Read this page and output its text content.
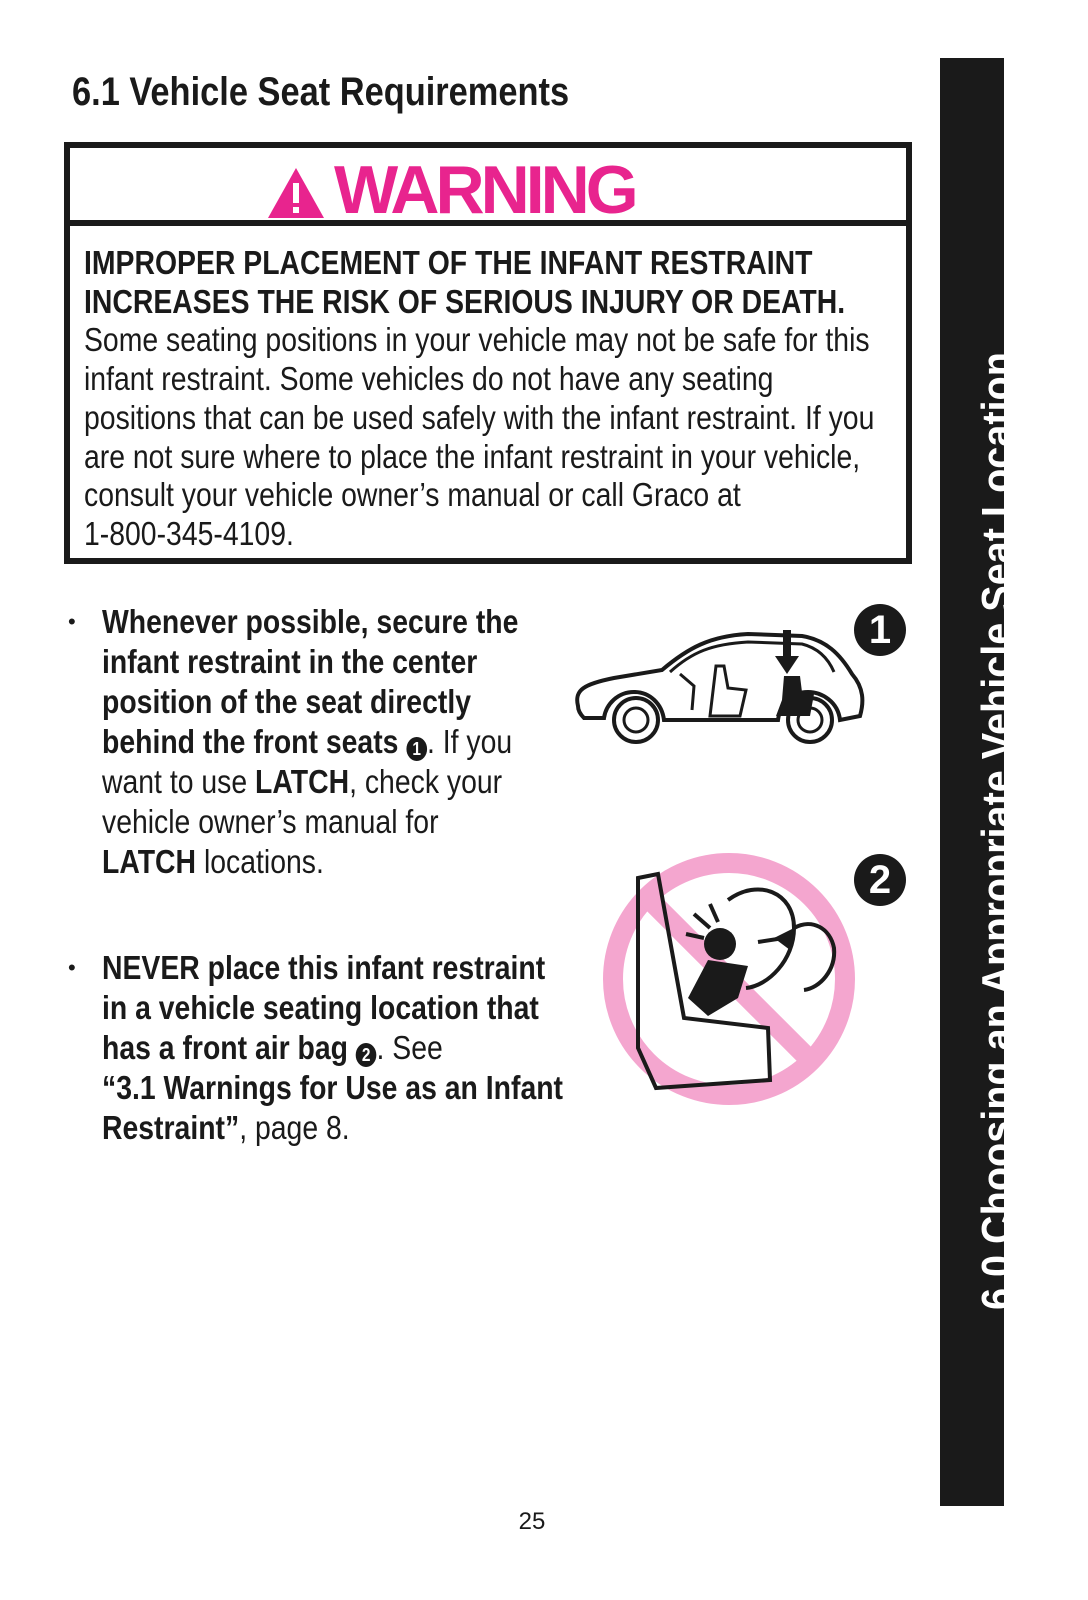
6.1 Vehicle Seat Requirements
WARNING
IMPROPER PLACEMENT OF THE INFANT RESTRAINT
INCREASES THE RISK OF SERIOUS INJURY OR DEATH.
Some seating positions in your vehicle may not be safe for this
infant restraint. Some vehicles do not have any seating
positions that can be used safely with the infant restraint. If you
are not sure where to place the infant restraint in your vehicle,
consult your vehicle owner’s manual or call Graco at
1-800-345-4109.
• Whenever possible, secure the
infant restraint in the center
position of the seat directly
behind the front seats 1 . If you
want to use LATCH, check your
vehicle owner’s manual for
LATCH locations.
• NEVER place this infant restraint
in a vehicle seating location that
has a front air bag 2 . See
“3.1 Warnings for Use as an Infant
Restraint”, page 8.
1
2	6.0 Choosing an Appropriate Vehicle Seat Location
25
